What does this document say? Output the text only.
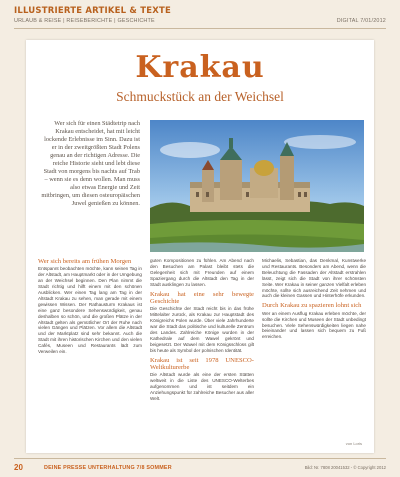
ILLUSTRIERTE ARTIKEL & TEXTE
URLAUB & REISE | REISEBERICHTE | GESCHICHTE	DIGITAL 7/01/2012
Krakau
Schmuckstück an der Weichsel
Wer sich für einen Städtetrip nach Krakau entscheidet, hat mit leicht lockende Erlebnisse im Sinn. Dazu ist er in der zweitgrößten Stadt Polens genau an der richtigen Adresse. Die reiche Historie sieht und lebt diese Stadt von morgens bis nachts auf Trab – wenn sie es denn wollen. Man muss also etwas Energie und Zeit mitbringen, um diesen osteuropäischen Juwel genießen zu können.
Wer sich bereits am frühen Morgen
Entspannt beobachten möchte, kann seinen Tag in der Altstadt, am Hauptmarkt oder in der Umgebung an der Weichsel beginnen. Den Plan nimmt die Stadt richtig und hilft einem mit den schönen Ausblicken. Wer einen Tag lang am Tag in der Altstadt Krakau zu sehen, man gerade mit einem gewissen Wissen. Der Rathausturm Krakaus ist eine ganz besondere Sehenswürdigkeit, genau deshalben so schön, und die großen Plätze in der Altstadt gelten als gemütlicher Ort der Ruhe nach vielen Gängen und Plätzen. Vor allem die Altstadt und der Marktplatz sind sehr bekannt. Auch die Stadt mit ihren historischen Kirchen und den vielen Cafés, Museen und Restaurants lädt zum Verweilen ein.
guten Kompositionen zu fühlen. Am Abend nach den Besuchen am Palast bleibt stets die Gelegenheit sich mit Freunden auf einem Spaziergang durch die Altstadt den Tag in der Stadt ausklingen zu lassen.
Krakau hat eine sehr bewegte Geschichte
Die Geschichte der Stadt reicht bis in das frühe Mittelalter zurück, als Krakau zur Hauptstadt des Königreichs Polen wurde. Über viele Jahrhunderte war die Stadt das politische und kulturelle Zentrum des Landes. Zahlreiche Könige wurden in der Kathedrale auf dem Wawel gekrönt und beigesetzt. Der Wawel mit dem Königsschloss gilt bis heute als Symbol der polnischen Identität.
Krakau ist seit 1978 UNESCO-Weltkulturerbe
Die Altstadt wurde als eine der ersten Stätten weltweit in die Liste des UNESCO-Welterbes aufgenommen und ist seitdem ein Anziehungspunkt für zahlreiche Besucher aus aller Welt.
Michaelis, Sebastian, das Denkmal, Kunstwerke und Restaurants. Besonders am Abend, wenn die Beleuchtung die Fassaden der Altstadt erstrahlen lässt, zeigt sich die Stadt von ihrer schönsten Seite. Wer Krakau in seiner ganzen Vielfalt erleben möchte, sollte sich ausreichend Zeit nehmen und auch die kleinen Gassen und Hinterhöfe erkunden.
Durch Krakau zu spazieren lohnt sich
Wer an einem Ausflug Krakau erleben möchte, der sollte die Kirchen und Museen der Stadt unbedingt besuchen. Viele Sehenswürdigkeiten liegen nahe beieinander und lassen sich bequem zu Fuß erreichen.
von Loris
20	DEINE PRESSE UNTERHALTUNG 7/8 SOMMER	Bild: Nr. 7808 20041532 - © Copyright 2012
